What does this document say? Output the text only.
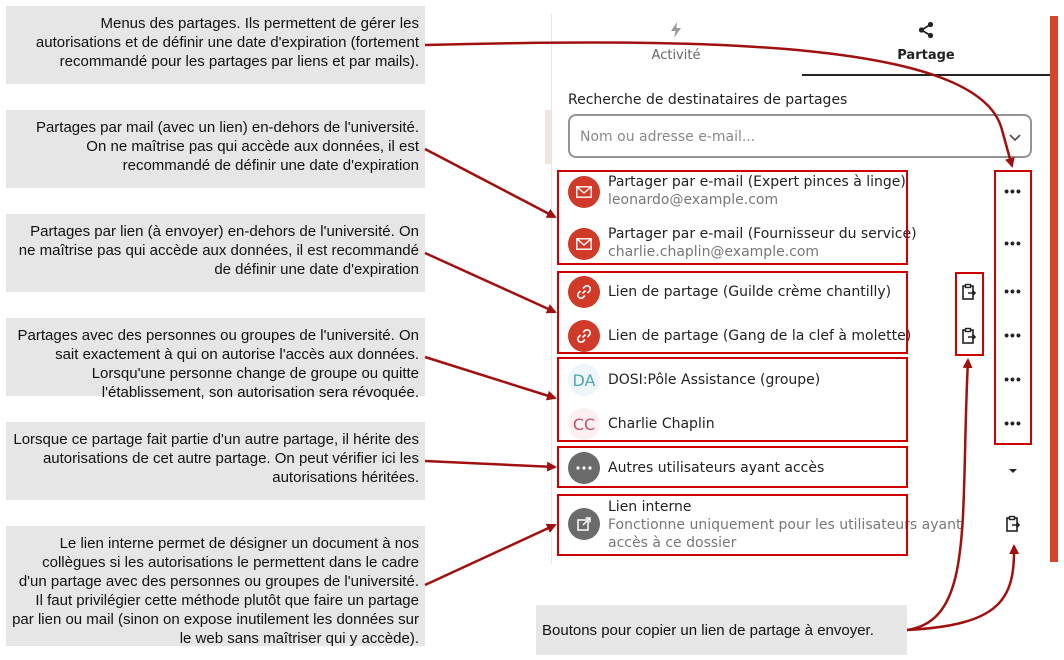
Menus des partages. Ils permettent de gérer les autorisations et de définir une date d'expiration (fortement recommandé pour les partages par liens et par mails).
Partages par mail (avec un lien) en-dehors de l'université. On ne maîtrise pas qui accède aux données, il est recommandé de définir une date d'expiration
Partages par lien (à envoyer) en-dehors de l'université. On ne maîtrise pas qui accède aux données, il est recommandé de définir une date d'expiration
Partages avec des personnes ou groupes de l'université. On sait exactement à qui on autorise l'accès aux données. Lorsqu'une personne change de groupe ou quitte l'établissement, son autorisation sera révoquée.
Lorsque ce partage fait partie d'un autre partage, il hérite des autorisations de cet autre partage. On peut vérifier ici les autorisations héritées.
Le lien interne permet de désigner un document à nos collègues si les autorisations le permettent dans le cadre d'un partage avec des personnes ou groupes de l'université. Il faut privilégier cette méthode plutôt que faire un partage par lien ou mail (sinon on expose inutilement les données sur le web sans maîtriser qui y accède).	Boutons pour copier un lien de partage à envoyer.
Activité	Partage
Recherche de destinataires de partages
Nom ou adresse e-mail...
Partager par e-mail (Expert pinces à linge)
leonardo@example.com
Partager par e-mail (Fournisseur du service)
charlie.chaplin@example.com
Lien de partage (Guilde crème chantilly)
Lien de partage (Gang de la clef à molette)
DA DOSI:Pôle Assistance (groupe)
CC Charlie Chaplin
Autres utilisateurs ayant accès
Lien interne
Fonctionne uniquement pour les utilisateurs ayant
accès à ce dossier
•••
•••
•••
•••
•••
•••
